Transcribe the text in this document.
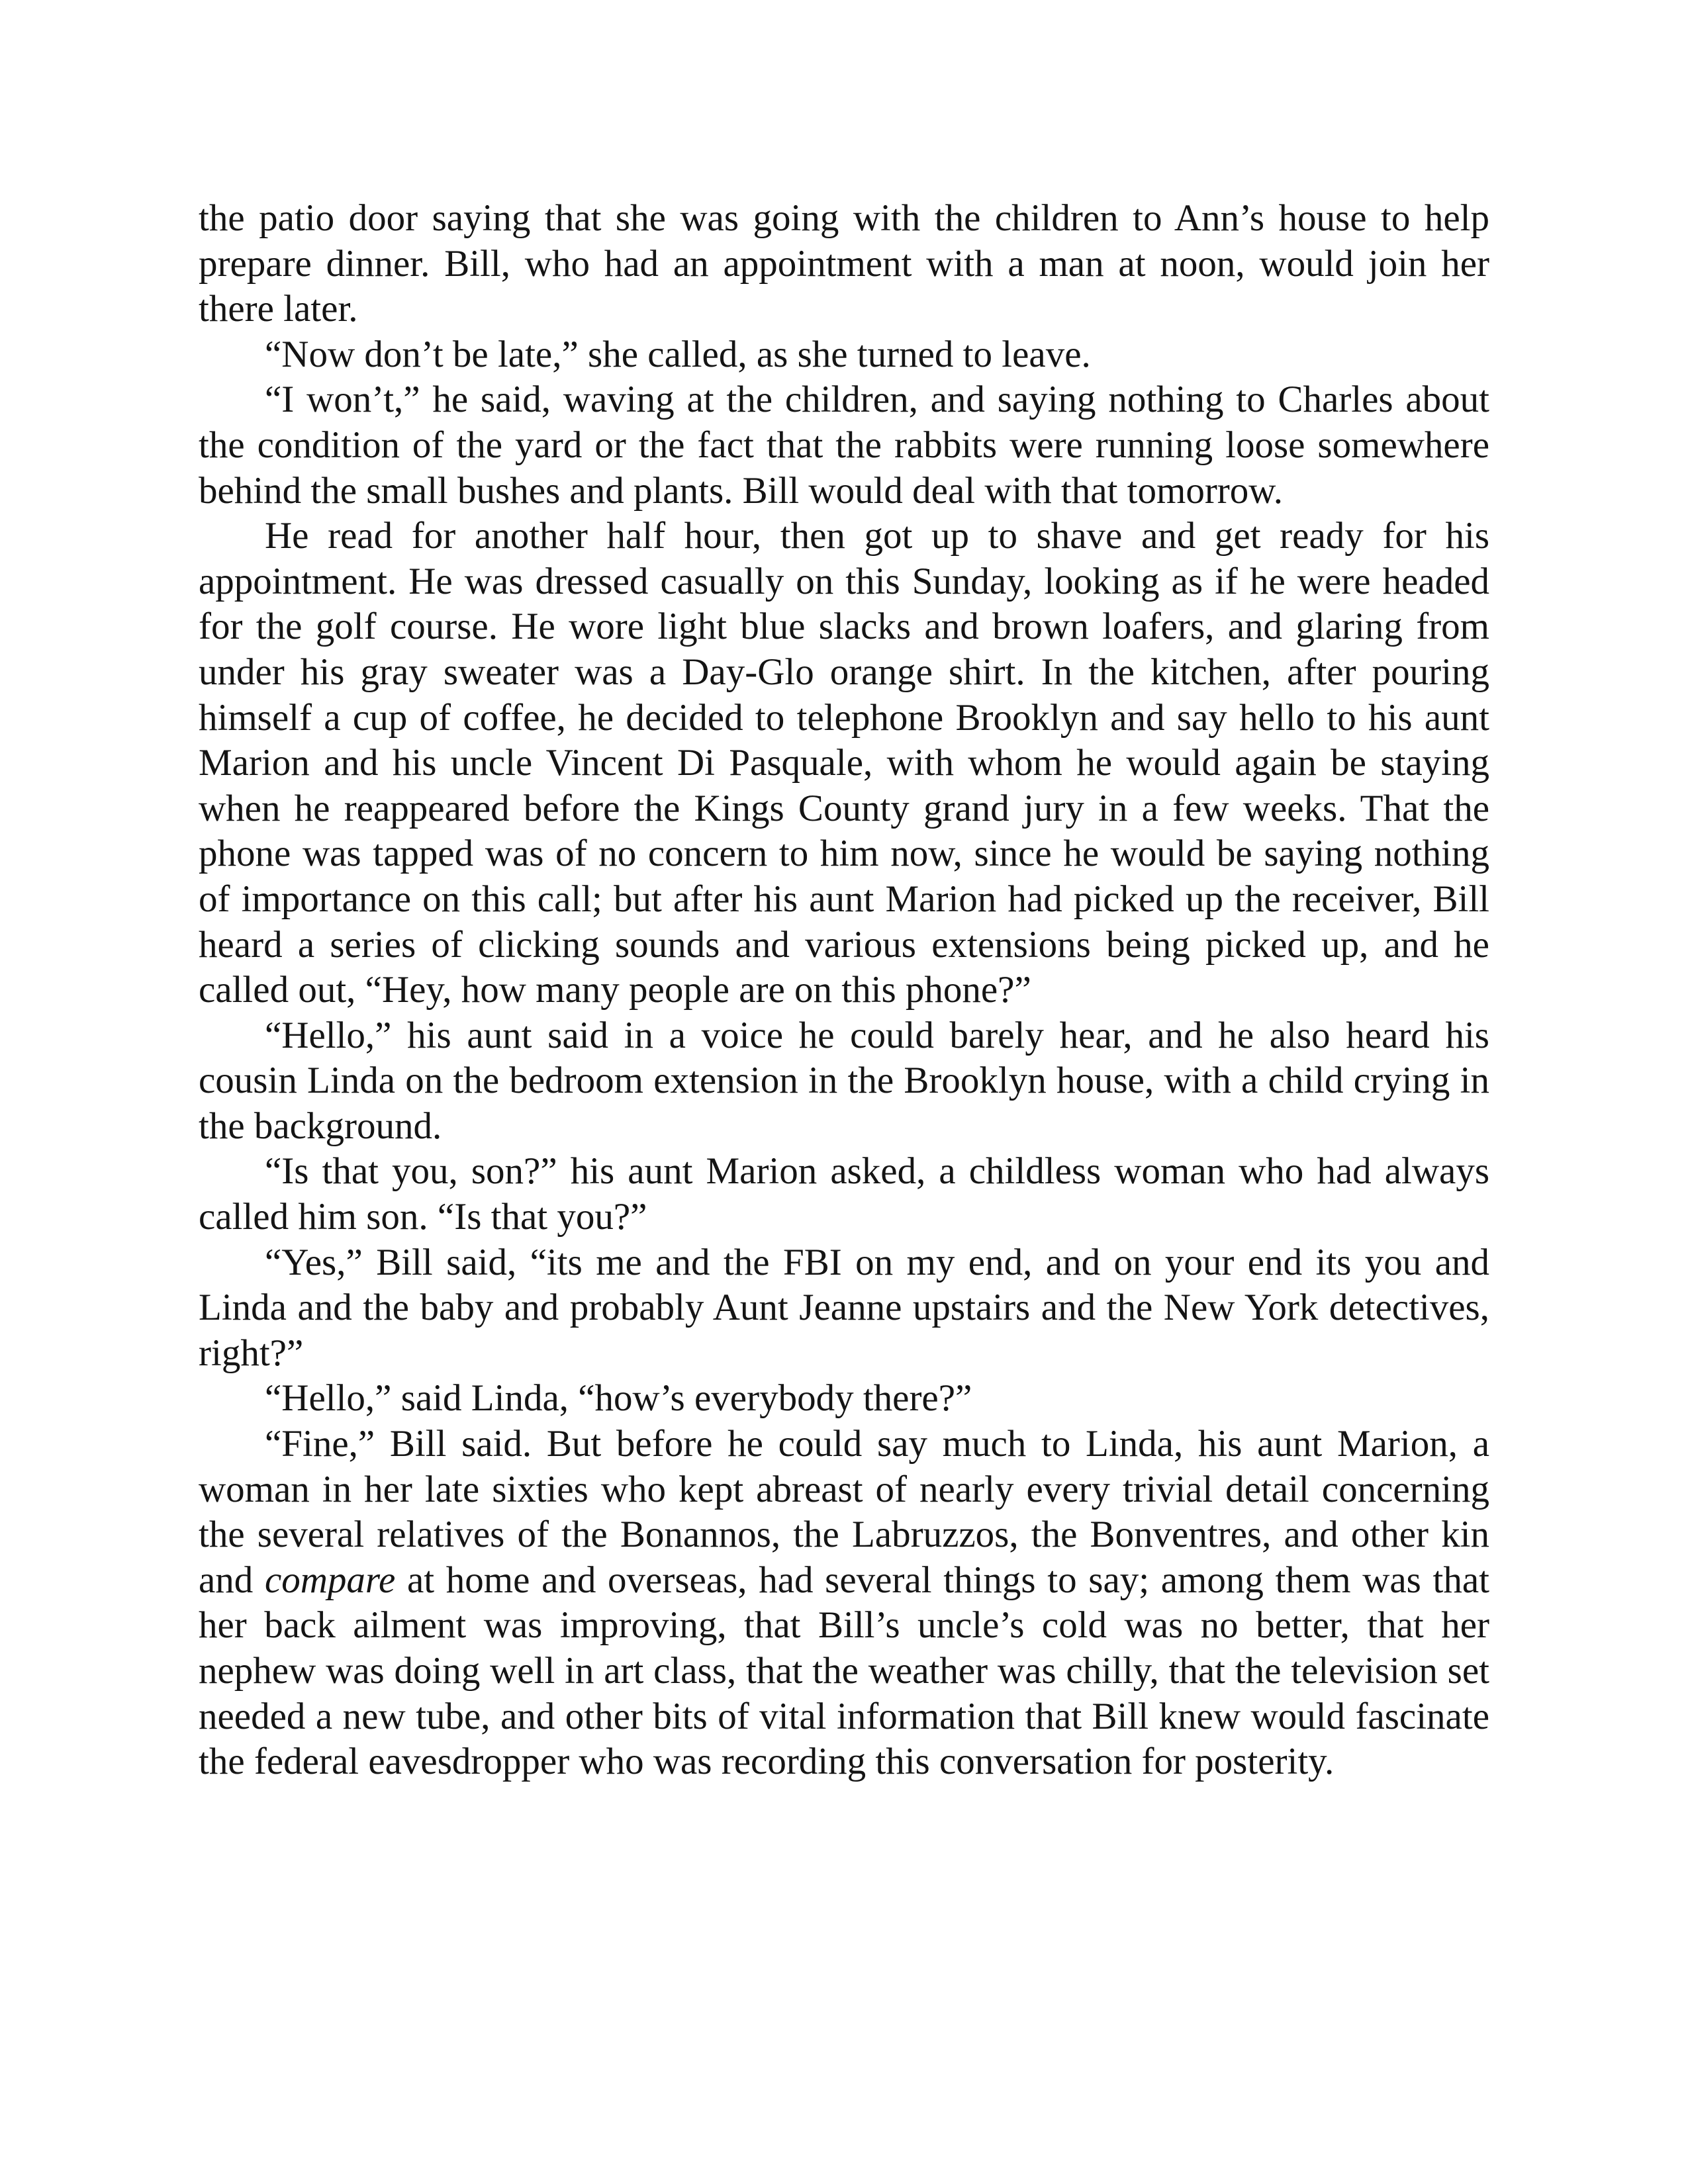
the patio door saying that she was going with the children to Ann’s house to help prepare dinner. Bill, who had an appointment with a man at noon, would join her there later.

“Now don’t be late,” she called, as she turned to leave.

“I won’t,” he said, waving at the children, and saying nothing to Charles about the condition of the yard or the fact that the rabbits were running loose somewhere behind the small bushes and plants. Bill would deal with that tomorrow.

He read for another half hour, then got up to shave and get ready for his appointment. He was dressed casually on this Sunday, looking as if he were headed for the golf course. He wore light blue slacks and brown loafers, and glaring from under his gray sweater was a Day-Glo orange shirt. In the kitchen, after pouring himself a cup of coffee, he decided to telephone Brooklyn and say hello to his aunt Marion and his uncle Vincent Di Pasquale, with whom he would again be staying when he reappeared before the Kings County grand jury in a few weeks. That the phone was tapped was of no concern to him now, since he would be saying nothing of importance on this call; but after his aunt Marion had picked up the receiver, Bill heard a series of clicking sounds and various extensions being picked up, and he called out, “Hey, how many people are on this phone?”

“Hello,” his aunt said in a voice he could barely hear, and he also heard his cousin Linda on the bedroom extension in the Brooklyn house, with a child crying in the background.

“Is that you, son?” his aunt Marion asked, a childless woman who had always called him son. “Is that you?”

“Yes,” Bill said, “its me and the FBI on my end, and on your end its you and Linda and the baby and probably Aunt Jeanne upstairs and the New York detectives, right?”

“Hello,” said Linda, “how’s everybody there?”

“Fine,” Bill said. But before he could say much to Linda, his aunt Marion, a woman in her late sixties who kept abreast of nearly every trivial detail concerning the several relatives of the Bonannos, the Labruzzos, the Bonventres, and other kin and compare at home and overseas, had several things to say; among them was that her back ailment was improving, that Bill’s uncle’s cold was no better, that her nephew was doing well in art class, that the weather was chilly, that the television set needed a new tube, and other bits of vital information that Bill knew would fascinate the federal eavesdropper who was recording this conversation for posterity.
